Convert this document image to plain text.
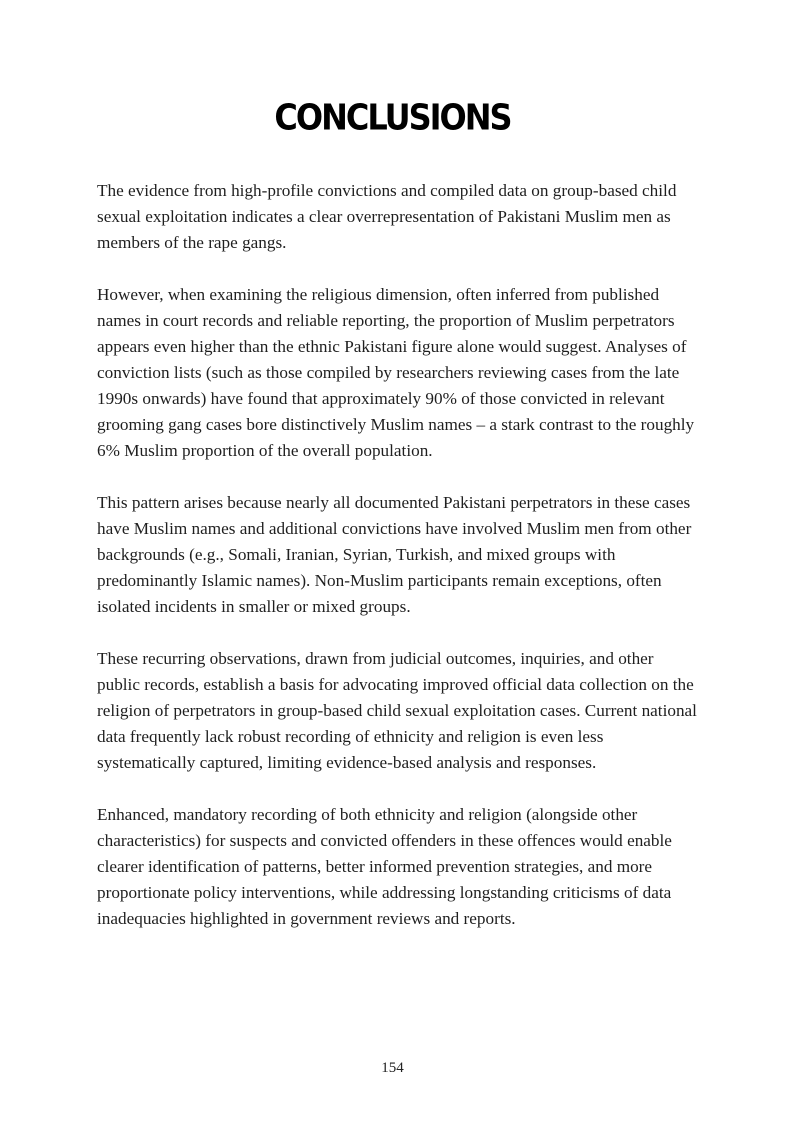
CONCLUSIONS

The evidence from high-profile convictions and compiled data on group-based child sexual exploitation indicates a clear overrepresentation of Pakistani Muslim men as members of the rape gangs.

However, when examining the religious dimension, often inferred from published names in court records and reliable reporting, the proportion of Muslim perpetrators appears even higher than the ethnic Pakistani figure alone would suggest. Analyses of conviction lists (such as those compiled by researchers reviewing cases from the late 1990s onwards) have found that approximately 90% of those convicted in relevant grooming gang cases bore distinctively Muslim names – a stark contrast to the roughly 6% Muslim proportion of the overall population.

This pattern arises because nearly all documented Pakistani perpetrators in these cases have Muslim names and additional convictions have involved Muslim men from other backgrounds (e.g., Somali, Iranian, Syrian, Turkish, and mixed groups with predominantly Islamic names). Non-Muslim participants remain exceptions, often isolated incidents in smaller or mixed groups.

These recurring observations, drawn from judicial outcomes, inquiries, and other public records, establish a basis for advocating improved official data collection on the religion of perpetrators in group-based child sexual exploitation cases. Current national data frequently lack robust recording of ethnicity and religion is even less systematically captured, limiting evidence-based analysis and responses.

Enhanced, mandatory recording of both ethnicity and religion (alongside other characteristics) for suspects and convicted offenders in these offences would enable clearer identification of patterns, better informed prevention strategies, and more proportionate policy interventions, while addressing longstanding criticisms of data inadequacies highlighted in government reviews and reports.

154
